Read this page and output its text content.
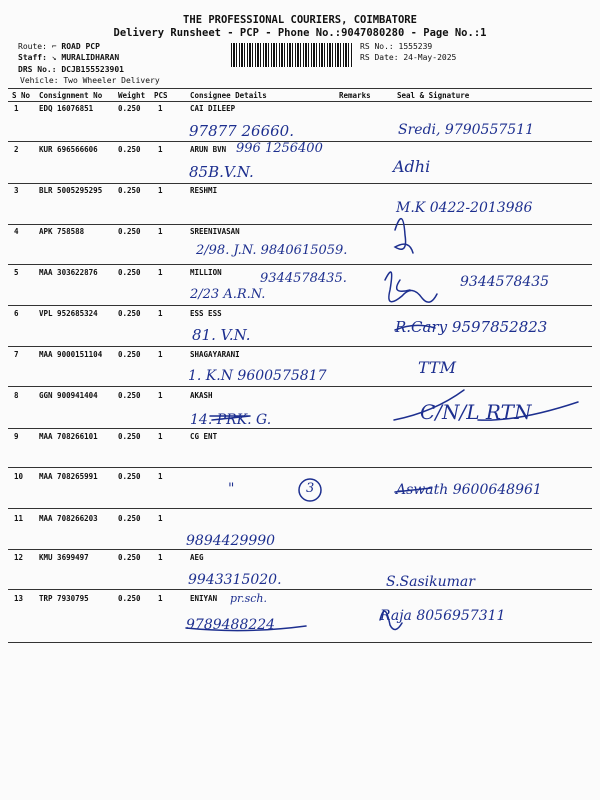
THE PROFESSIONAL COURIERS, COIMBATORE
Delivery Runsheet - PCP - Phone No.:9047080280 - Page No.:1
Route: ⌐ ROAD PCP
Staff: ↘ MURALIDHARAN
DRS No.: DCJB155523901
Vehicle: Two Wheeler Delivery
RS No.: 1555239
RS Date: 24-May-2025
S No Consignment No Weight PCS	Consignee Details	Remarks	Seal & Signature
1	EDQ 16076851	0.250 1	CAI DILEEP
97877 26660.	Sredi, 9790557511
2	KUR 696566606	0.250 1	ARUN BVN 996 1256400
85B.V.N.	Adhi
3	BLR 5005295295 0.250 1	RESHMI
M.K 0422-2013986
4	APK 758588	0.250 1	SREENIVASAN
2/98. J.N. 9840615059.
5	MAA 303622876	0.250 1	MILLION	9344578435.
2/23 A.R.N.
9344578435
6	VPL 952685324	0.250 1	ESS ESS
81. V.N.	R.Cary 9597852823
7	MAA 9000151104 0.250 1	SHAGAYARANI
1. K.N 9600575817	TTM
8	GGN 900941404	0.250 1	AKASH
14. PRK. G.	C/N/L RTN
9	MAA 708266101	0.250 1	CG ENT
10 MAA 708265991	0.250 1
"	3	Aswath 9600648961
11 MAA 708266203	0.250 1
9894429990
12 KMU 3699497	0.250 1	AEG
9943315020.	S.Sasikumar
13 TRP 7930795	0.250 1	ENIYAN pr.sch.
9789488224
Raja 8056957311
